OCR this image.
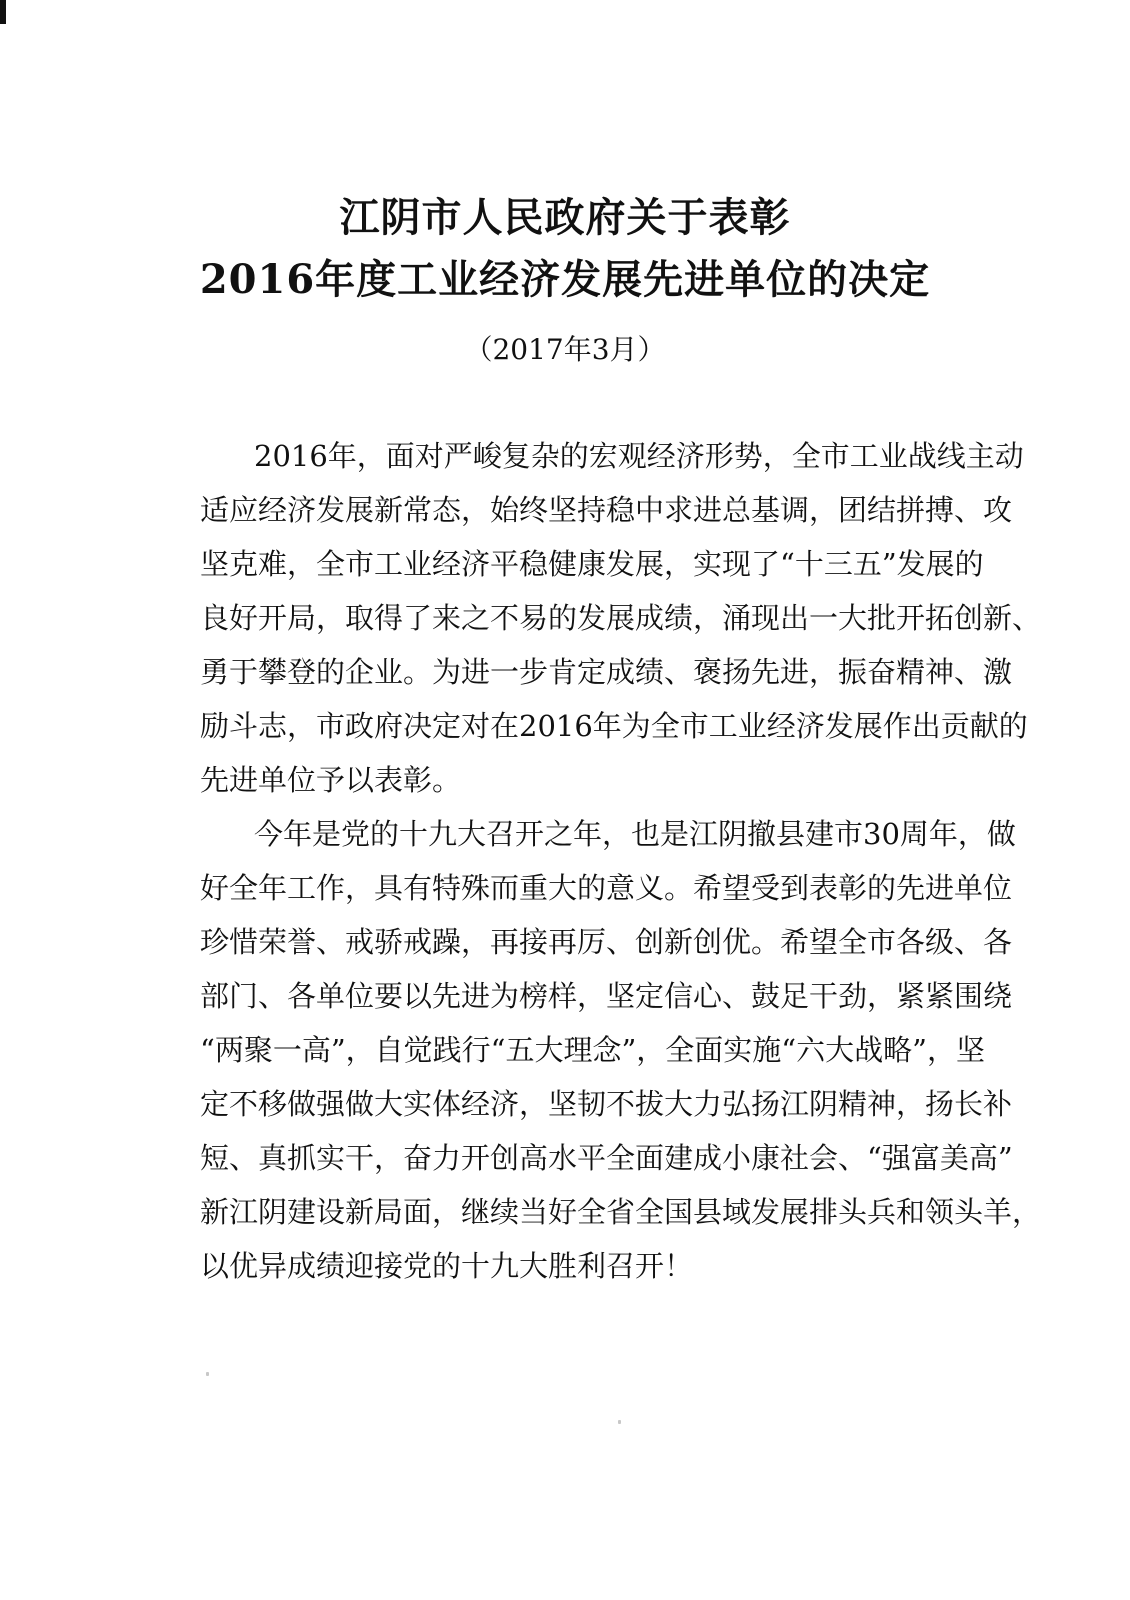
江阴市人民政府关于表彰
2016年度工业经济发展先进单位的决定
（2017年3月）
2016年，面对严峻复杂的宏观经济形势，全市工业战线主动
适应经济发展新常态，始终坚持稳中求进总基调，团结拼搏、攻
坚克难，全市工业经济平稳健康发展，实现了“十三五”发展的
良好开局，取得了来之不易的发展成绩，涌现出一大批开拓创新、
勇于攀登的企业。为进一步肯定成绩、褒扬先进，振奋精神、激
励斗志，市政府决定对在2016年为全市工业经济发展作出贡献的
先进单位予以表彰。
今年是党的十九大召开之年，也是江阴撤县建市30周年，做
好全年工作，具有特殊而重大的意义。希望受到表彰的先进单位
珍惜荣誉、戒骄戒躁，再接再厉、创新创优。希望全市各级、各
部门、各单位要以先进为榜样，坚定信心、鼓足干劲，紧紧围绕
“两聚一高”，自觉践行“五大理念”，全面实施“六大战略”，坚
定不移做强做大实体经济，坚韧不拔大力弘扬江阴精神，扬长补
短、真抓实干，奋力开创高水平全面建成小康社会、“强富美高”
新江阴建设新局面，继续当好全省全国县域发展排头兵和领头羊，
以优异成绩迎接党的十九大胜利召开！
